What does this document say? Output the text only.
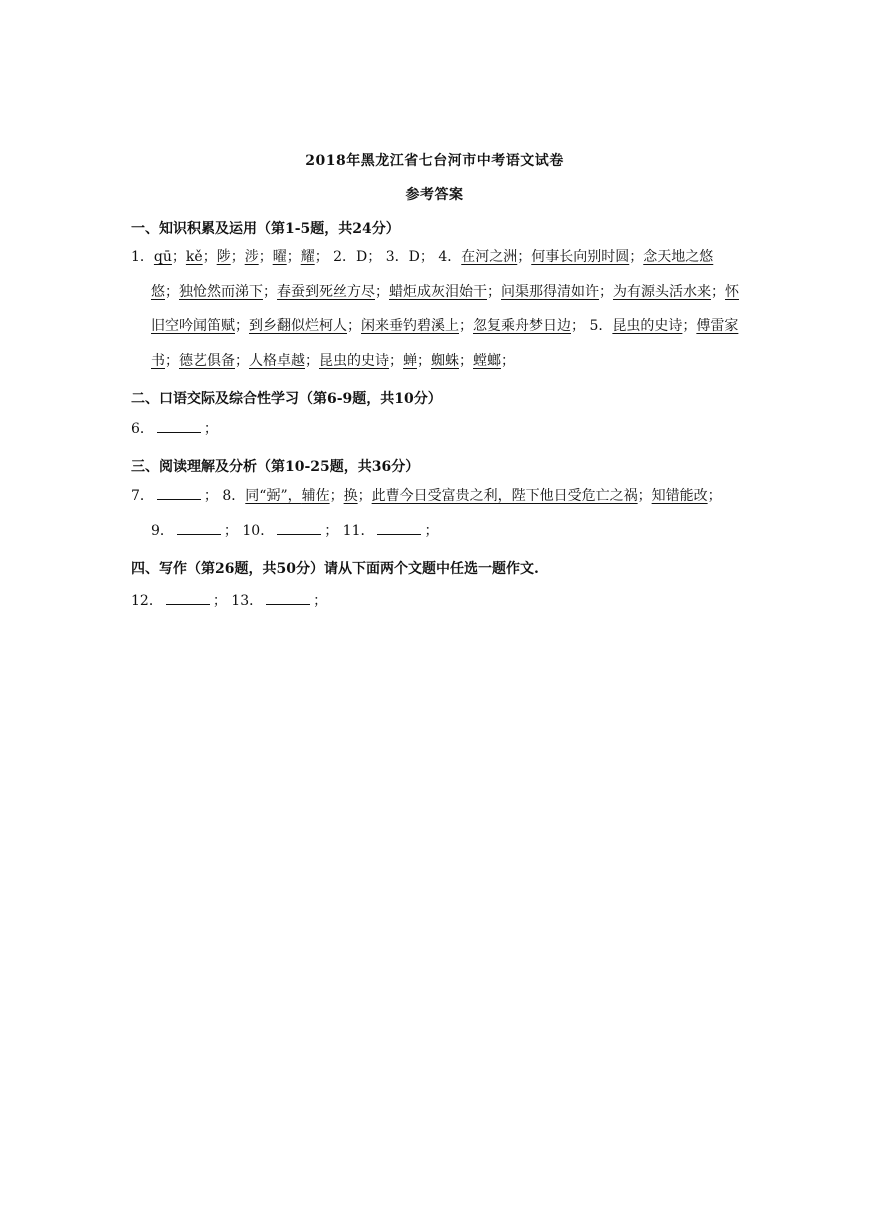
2018年黑龙江省七台河市中考语文试卷
参考答案
一、知识积累及运用（第1-5题，共24分）
1．qū；kě；陟；涉；曜；耀； 2．D； 3．D； 4．在河之洲；何事长向别时圆；念天地之悠悠；独怆然而涕下；春蚕到死丝方尽；蜡炬成灰泪始干；问渠那得清如许；为有源头活水来；怀旧空吟闻笛赋；到乡翻似烂柯人；闲来垂钓碧溪上；忽复乘舟梦日边； 5．昆虫的史诗；傅雷家书；德艺俱备；人格卓越；昆虫的史诗；蝉；蜘蛛；螳螂；
二、口语交际及综合性学习（第6-9题，共10分）
6．	；
三、阅读理解及分析（第10-25题，共36分）
7．	； 8．同“弼”，辅佐；换；此曹今日受富贵之利，陛下他日受危亡之祸；知错能改； 9．	； 10．	； 11．	；
四、写作（第26题，共50分）请从下面两个文题中任选一题作文.
12．	； 13．	；
